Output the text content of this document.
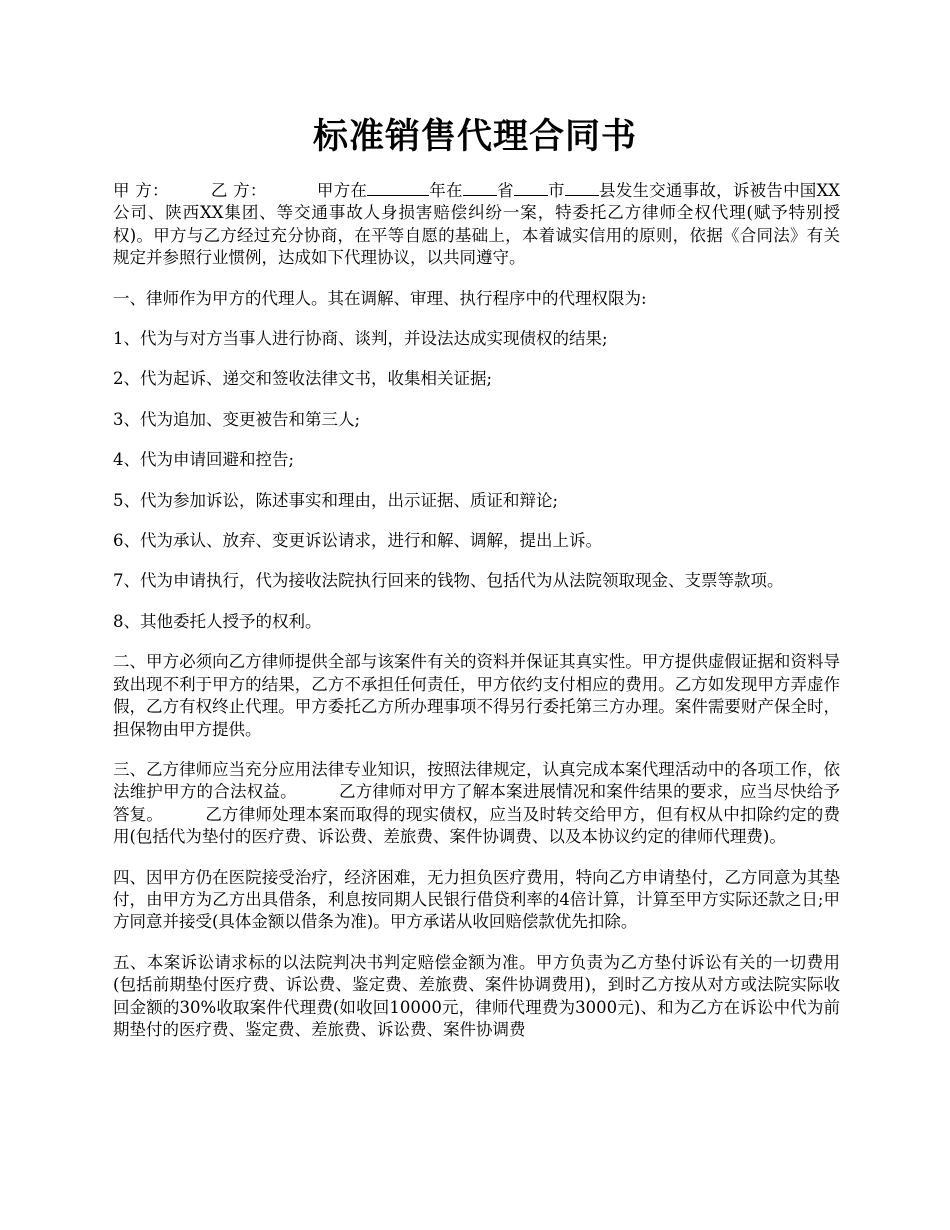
标准销售代理合同书

甲 方：	乙 方：	甲方在	年在 省 市 县发生交通事故，诉被告中国XX公司、陕西XX集团、等交通事故人身损害赔偿纠纷一案，特委托乙方律师全权代理(赋予特别授权)。甲方与乙方经过充分协商，在平等自愿的基础上，本着诚实信用的原则，依据《合同法》有关规定并参照行业惯例，达成如下代理协议，以共同遵守。

一、律师作为甲方的代理人。其在调解、审理、执行程序中的代理权限为:

1、代为与对方当事人进行协商、谈判，并设法达成实现债权的结果;

2、代为起诉、递交和签收法律文书，收集相关证据;

3、代为追加、变更被告和第三人;

4、代为申请回避和控告;

5、代为参加诉讼，陈述事实和理由，出示证据、质证和辩论;

6、代为承认、放弃、变更诉讼请求，进行和解、调解，提出上诉。

7、代为申请执行，代为接收法院执行回来的钱物、包括代为从法院领取现金、支票等款项。

8、其他委托人授予的权利。

二、甲方必须向乙方律师提供全部与该案件有关的资料并保证其真实性。甲方提供虚假证据和资料导致出现不利于甲方的结果，乙方不承担任何责任，甲方依约支付相应的费用。乙方如发现甲方弄虚作假，乙方有权终止代理。甲方委托乙方所办理事项不得另行委托第三方办理。案件需要财产保全时，担保物由甲方提供。

三、乙方律师应当充分应用法律专业知识，按照法律规定，认真完成本案代理活动中的各项工作，依法维护甲方的合法权益。	乙方律师对甲方了解本案进展情况和案件结果的要求，应当尽快给予答复。	乙方律师处理本案而取得的现实债权，应当及时转交给甲方，但有权从中扣除约定的费用(包括代为垫付的医疗费、诉讼费、差旅费、案件协调费、以及本协议约定的律师代理费)。

四、因甲方仍在医院接受治疗，经济困难，无力担负医疗费用，特向乙方申请垫付，乙方同意为其垫付，由甲方为乙方出具借条，利息按同期人民银行借贷利率的4倍计算，计算至甲方实际还款之日;甲方同意并接受(具体金额以借条为准)。甲方承诺从收回赔偿款优先扣除。

五、本案诉讼请求标的以法院判决书判定赔偿金额为准。甲方负责为乙方垫付诉讼有关的一切费用(包括前期垫付医疗费、诉讼费、鉴定费、差旅费、案件协调费用)，到时乙方按从对方或法院实际收回金额的30%收取案件代理费(如收回10000元，律师代理费为3000元)、和为乙方在诉讼中代为前期垫付的医疗费、鉴定费、差旅费、诉讼费、案件协调费
